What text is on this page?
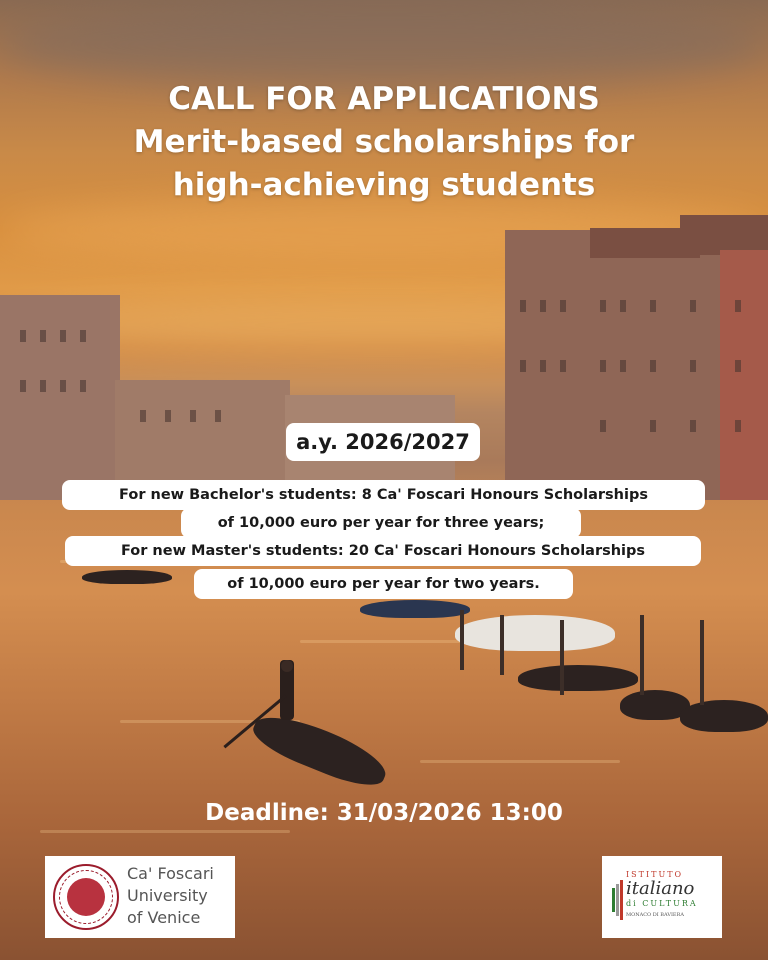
CALL FOR APPLICATIONS
Merit-based scholarships for
high-achieving students
a.y. 2026/2027
For new Bachelor's students: 8 Ca' Foscari Honours Scholarships
of 10,000 euro per year for three years;
For new Master's students: 20 Ca' Foscari Honours Scholarships
of 10,000 euro per year for two years.
Deadline: 31/03/2026 13:00
Ca' Foscari
University
of Venice
ISTITUTO
italiano
di CULTURA
MONACO DI BAVIERA
